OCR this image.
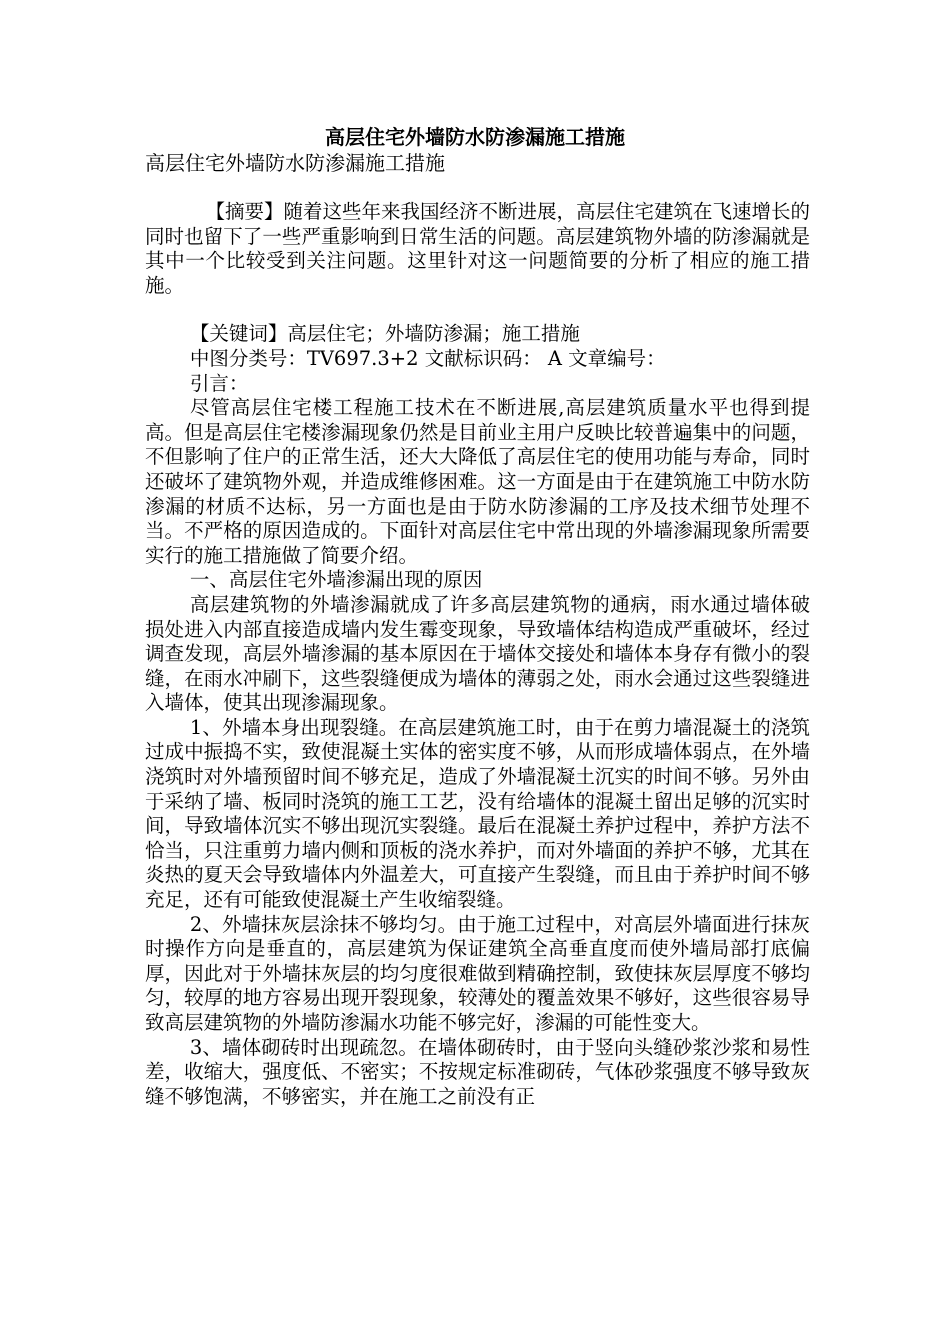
高层住宅外墙防水防渗漏施工措施
高层住宅外墙防水防渗漏施工措施

【摘要】随着这些年来我国经济不断进展，高层住宅建筑在飞速增长的同时也留下了一些严重影响到日常生活的问题。高层建筑物外墙的防渗漏就是其中一个比较受到关注问题。这里针对这一问题简要的分析了相应的施工措施。

【关键词】高层住宅；外墙防渗漏；施工措施

中图分类号：TV697.3+2 文献标识码： A 文章编号：

引言：

尽管高层住宅楼工程施工技术在不断进展,高层建筑质量水平也得到提高。但是高层住宅楼渗漏现象仍然是目前业主用户反映比较普遍集中的问题，不但影响了住户的正常生活，还大大降低了高层住宅的使用功能与寿命，同时还破坏了建筑物外观，并造成维修困难。这一方面是由于在建筑施工中防水防渗漏的材质不达标，另一方面也是由于防水防渗漏的工序及技术细节处理不当。不严格的原因造成的。下面针对高层住宅中常出现的外墙渗漏现象所需要实行的施工措施做了简要介绍。

一、高层住宅外墙渗漏出现的原因

高层建筑物的外墙渗漏就成了许多高层建筑物的通病，雨水通过墙体破损处进入内部直接造成墙内发生霉变现象，导致墙体结构造成严重破坏，经过调查发现，高层外墙渗漏的基本原因在于墙体交接处和墙体本身存有微小的裂缝，在雨水冲刷下，这些裂缝便成为墙体的薄弱之处，雨水会通过这些裂缝进入墙体，使其出现渗漏现象。

1、外墙本身出现裂缝。在高层建筑施工时，由于在剪力墙混凝土的浇筑过成中振捣不实，致使混凝土实体的密实度不够，从而形成墙体弱点，在外墙浇筑时对外墙预留时间不够充足，造成了外墙混凝土沉实的时间不够。另外由于采纳了墙、板同时浇筑的施工工艺，没有给墙体的混凝土留出足够的沉实时间，导致墙体沉实不够出现沉实裂缝。最后在混凝土养护过程中，养护方法不恰当，只注重剪力墙内侧和顶板的浇水养护，而对外墙面的养护不够，尤其在炎热的夏天会导致墙体内外温差大，可直接产生裂缝，而且由于养护时间不够充足，还有可能致使混凝土产生收缩裂缝。

2、外墙抹灰层涂抹不够均匀。由于施工过程中，对高层外墙面进行抹灰时操作方向是垂直的，高层建筑为保证建筑全高垂直度而使外墙局部打底偏厚，因此对于外墙抹灰层的均匀度很难做到精确控制，致使抹灰层厚度不够均匀，较厚的地方容易出现开裂现象，较薄处的覆盖效果不够好，这些很容易导致高层建筑物的外墙防渗漏水功能不够完好，渗漏的可能性变大。

3、墙体砌砖时出现疏忽。在墙体砌砖时，由于竖向头缝砂浆沙浆和易性差，收缩大，强度低、不密实；不按规定标准砌砖，气体砂浆强度不够导致灰缝不够饱满，不够密实，并在施工之前没有正
